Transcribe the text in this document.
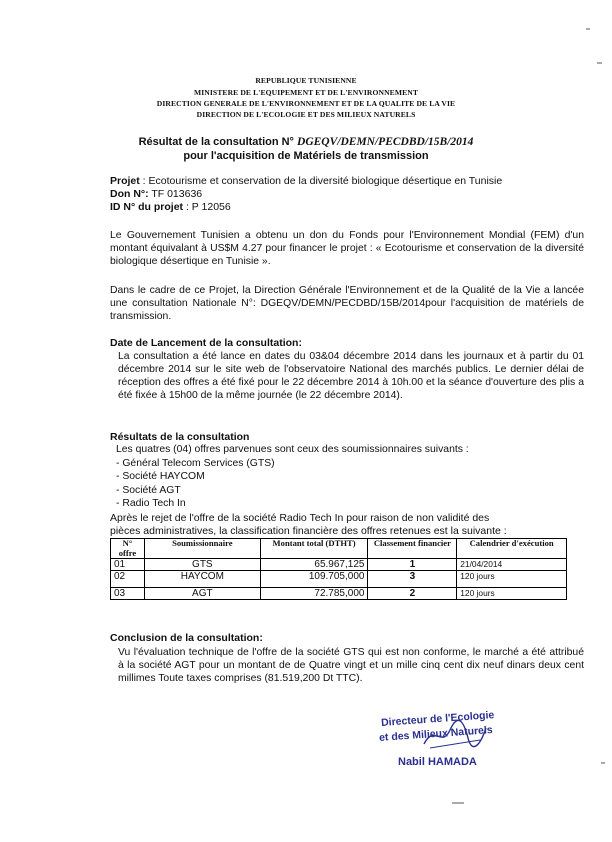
REPUBLIQUE TUNISIENNE
MINISTERE DE L'EQUIPEMENT ET DE L'ENVIRONNEMENT
DIRECTION GENERALE DE L'ENVIRONNEMENT ET DE LA QUALITE DE LA VIE
DIRECTION DE L'ECOLOGIE ET DES MILIEUX NATURELS
Résultat de la consultation N° DGEQV/DEMN/PECDBD/15B/2014
pour l'acquisition de Matériels de transmission
Projet : Ecotourisme et conservation de la diversité biologique désertique en Tunisie
Don N°: TF 013636
ID N° du projet : P 12056
Le Gouvernement Tunisien a obtenu un don du Fonds pour l'Environnement Mondial (FEM) d'un montant équivalant à US$M 4.27 pour financer le projet : « Ecotourisme et conservation de la diversité biologique désertique en Tunisie ».
Dans le cadre de ce Projet, la Direction Générale l'Environnement et de la Qualité de la Vie a lancée une consultation Nationale N°: DGEQV/DEMN/PECDBD/15B/2014pour l'acquisition de matériels de transmission.
Date de Lancement de la consultation:
La consultation a été lance en dates du 03&04 décembre 2014 dans les journaux et à partir du 01 décembre 2014 sur le site web de l'observatoire National des marchés publics. Le dernier délai de réception des offres a été fixé pour le 22 décembre 2014 à 10h.00 et la séance d'ouverture des plis a été fixée à 15h00 de la même journée (le 22 décembre 2014).
Résultats de la consultation
Les quatres (04) offres parvenues sont ceux des soumissionnaires suivants :
- Général Telecom Services (GTS)
- Société HAYCOM
- Société AGT
- Radio Tech In
Après le rejet de l'offre de la société Radio Tech In pour raison de non validité des
pièces administratives, la classification financière des offres retenues est la suivante :
N° offre	Soumissionnaire	Montant total (DTHT)	Classement financier	Calendrier d'exécution
01	GTS	65.967,125	1	21/04/2014
02	HAYCOM	109.705,000	3	120 jours
03	AGT	72.785,000	2	120 jours
Conclusion de la consultation:
Vu l'évaluation technique de l'offre de la société GTS qui est non conforme, le marché a été attribué à la société AGT pour un montant de de Quatre vingt et un mille cinq cent dix neuf dinars deux cent millimes Toute taxes comprises (81.519,200 Dt TTC).
Directeur de l'Ecologie
et des Milieux Naturels
Nabil HAMADA
